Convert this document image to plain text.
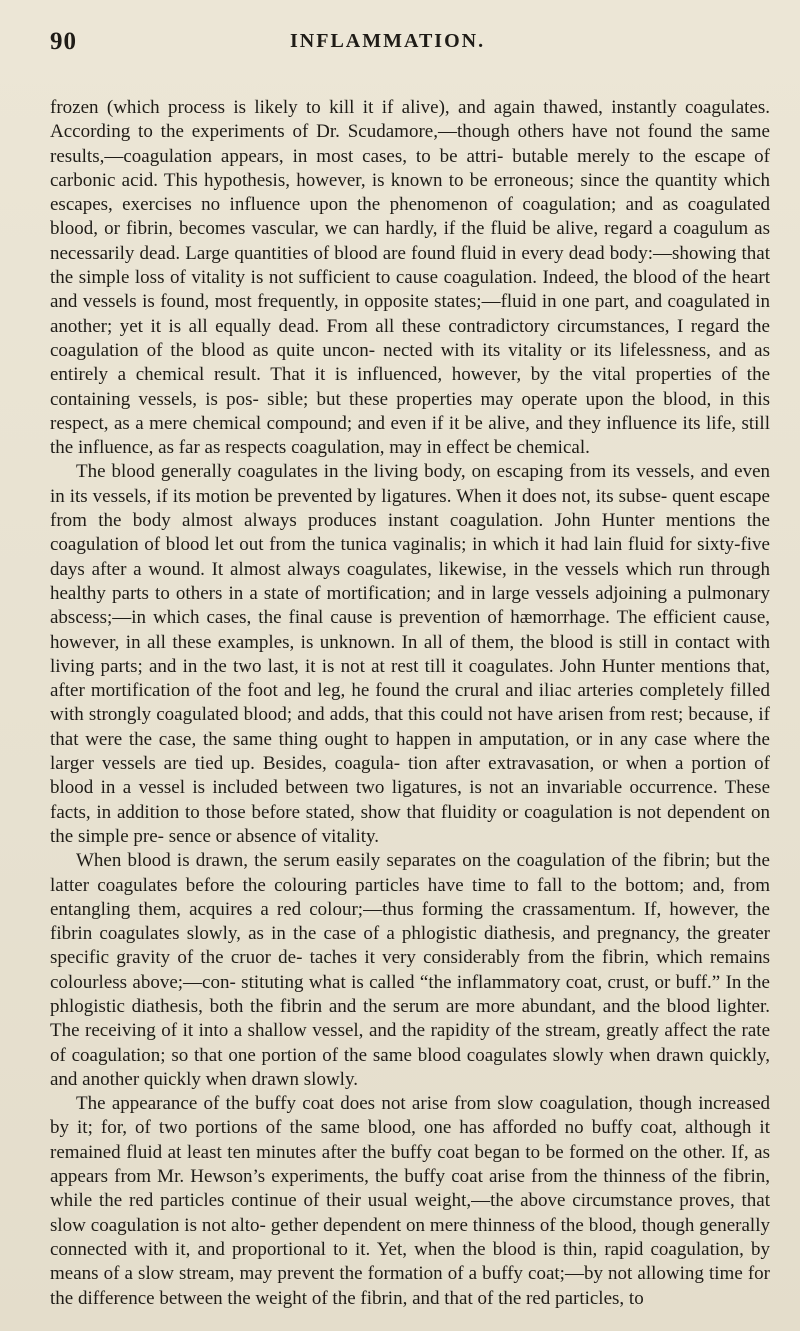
90	INFLAMMATION.

frozen (which process is likely to kill it if alive), and again thawed, instantly coagulates. According to the experiments of Dr. Scudamore,—though others have not found the same results,—coagulation appears, in most cases, to be attri- butable merely to the escape of carbonic acid. This hypothesis, however, is known to be erroneous; since the quantity which escapes, exercises no influence upon the phenomenon of coagulation; and as coagulated blood, or fibrin, becomes vascular, we can hardly, if the fluid be alive, regard a coagulum as necessarily dead. Large quantities of blood are found fluid in every dead body:—showing that the simple loss of vitality is not sufficient to cause coagulation. Indeed, the blood of the heart and vessels is found, most frequently, in opposite states;—fluid in one part, and coagulated in another; yet it is all equally dead. From all these contradictory circumstances, I regard the coagulation of the blood as quite uncon- nected with its vitality or its lifelessness, and as entirely a chemical result. That it is influenced, however, by the vital properties of the containing vessels, is pos- sible; but these properties may operate upon the blood, in this respect, as a mere chemical compound; and even if it be alive, and they influence its life, still the influence, as far as respects coagulation, may in effect be chemical.

The blood generally coagulates in the living body, on escaping from its vessels, and even in its vessels, if its motion be prevented by ligatures. When it does not, its subse- quent escape from the body almost always produces instant coagulation. John Hunter mentions the coagulation of blood let out from the tunica vaginalis; in which it had lain fluid for sixty-five days after a wound. It almost always coagulates, likewise, in the vessels which run through healthy parts to others in a state of mortification; and in large vessels adjoining a pulmonary abscess;—in which cases, the final cause is prevention of hæmorrhage. The efficient cause, however, in all these examples, is unknown. In all of them, the blood is still in contact with living parts; and in the two last, it is not at rest till it coagulates. John Hunter mentions that, after mortification of the foot and leg, he found the crural and iliac arteries completely filled with strongly coagulated blood; and adds, that this could not have arisen from rest; because, if that were the case, the same thing ought to happen in amputation, or in any case where the larger vessels are tied up. Besides, coagula- tion after extravasation, or when a portion of blood in a vessel is included between two ligatures, is not an invariable occurrence. These facts, in addition to those before stated, show that fluidity or coagulation is not dependent on the simple pre- sence or absence of vitality.

When blood is drawn, the serum easily separates on the coagulation of the fibrin; but the latter coagulates before the colouring particles have time to fall to the bottom; and, from entangling them, acquires a red colour;—thus forming the crassamentum. If, however, the fibrin coagulates slowly, as in the case of a phlogistic diathesis, and pregnancy, the greater specific gravity of the cruor de- taches it very considerably from the fibrin, which remains colourless above;—con- stituting what is called “the inflammatory coat, crust, or buff.” In the phlogistic diathesis, both the fibrin and the serum are more abundant, and the blood lighter. The receiving of it into a shallow vessel, and the rapidity of the stream, greatly affect the rate of coagulation; so that one portion of the same blood coagulates slowly when drawn quickly, and another quickly when drawn slowly.

The appearance of the buffy coat does not arise from slow coagulation, though increased by it; for, of two portions of the same blood, one has afforded no buffy coat, although it remained fluid at least ten minutes after the buffy coat began to be formed on the other. If, as appears from Mr. Hewson’s experiments, the buffy coat arise from the thinness of the fibrin, while the red particles continue of their usual weight,—the above circumstance proves, that slow coagulation is not alto- gether dependent on mere thinness of the blood, though generally connected with it, and proportional to it. Yet, when the blood is thin, rapid coagulation, by means of a slow stream, may prevent the formation of a buffy coat;—by not allowing time for the difference between the weight of the fibrin, and that of the red particles, to
